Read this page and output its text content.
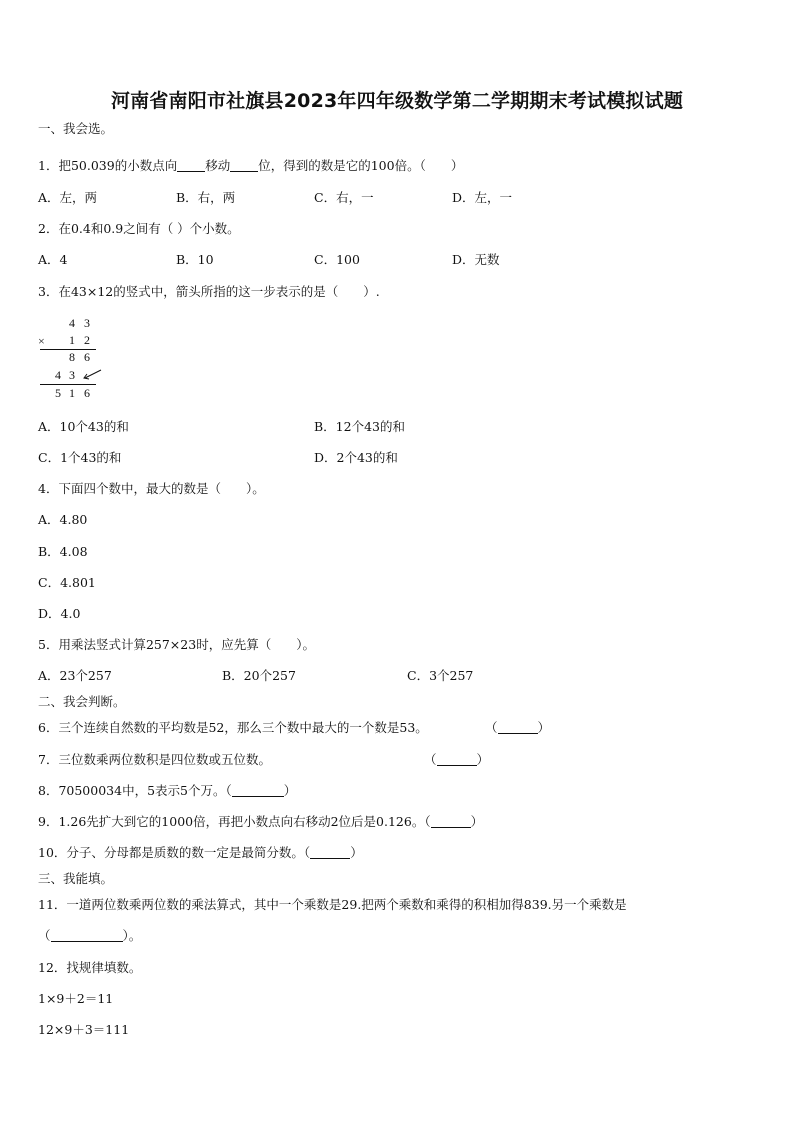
河南省南阳市社旗县2023年四年级数学第二学期期末考试模拟试题
一、我会选。
1．把50.039的小数点向 移动 位，得到的数是它的100倍。（　　）
A．左，两	B．右，两	C．右，一	D．左，一
2．在0.4和0.9之间有（ ）个小数。
A．4	B．10	C．100	D．无数
3．在43×12的竖式中，箭头所指的这一步表示的是（　　）.
4 3
× 1 2
8 6
4 3
5 1 6
A．10个43的和	B．12个43的和
C．1个43的和	D．2个43的和
4．下面四个数中，最大的数是（　　）。
A．4.80
B．4.08
C．4.801
D．4.0
5．用乘法竖式计算257×23时，应先算（　　）。
A．23个257	B．20个257	C．3个257
二、我会判断。
6．三个连续自然数的平均数是52，那么三个数中最大的一个数是53。	（	）
7．三位数乘两位数积是四位数或五位数。	（	）
8．70500034中，5表示5个万。（	）
9．1.26先扩大到它的1000倍，再把小数点向右移动2位后是0.126。（	）
10．分子、分母都是质数的数一定是最简分数。（	）
三、我能填。
11．一道两位数乘两位数的乘法算式，其中一个乘数是29.把两个乘数和乘得的积相加得839.另一个乘数是
（	）。
12．找规律填数。
1×9＋2＝11
12×9＋3＝111
